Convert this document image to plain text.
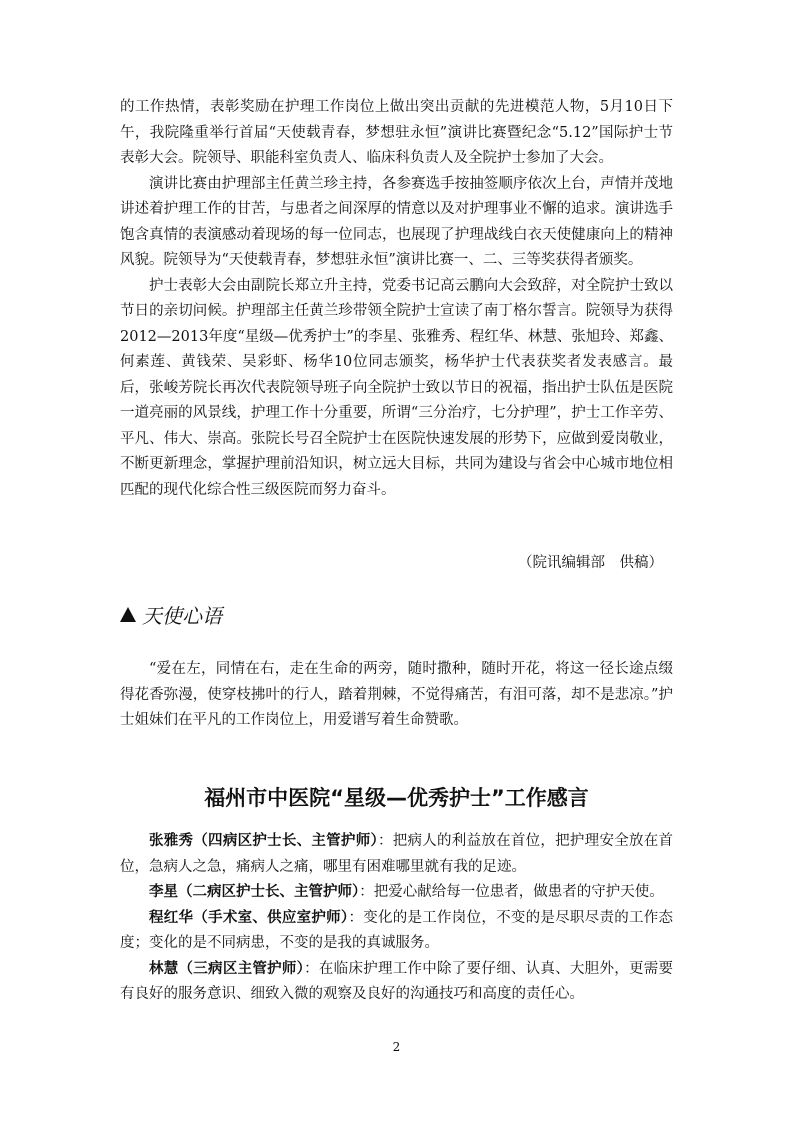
的工作热情，表彰奖励在护理工作岗位上做出突出贡献的先进模范人物，5月10日下午，我院隆重举行首届“天使载青春，梦想驻永恒”演讲比赛暨纪念“5.12”国际护士节表彰大会。院领导、职能科室负责人、临床科负责人及全院护士参加了大会。

演讲比赛由护理部主任黄兰珍主持，各参赛选手按抽签顺序依次上台，声情并茂地讲述着护理工作的甘苦，与患者之间深厚的情意以及对护理事业不懈的追求。演讲选手饱含真情的表演感动着现场的每一位同志，也展现了护理战线白衣天使健康向上的精神风貌。院领导为“天使载青春，梦想驻永恒”演讲比赛一、二、三等奖获得者颁奖。

护士表彰大会由副院长郑立升主持，党委书记高云鹏向大会致辞，对全院护士致以节日的亲切问候。护理部主任黄兰珍带领全院护士宣读了南丁格尔誓言。院领导为获得2012—2013年度“星级—优秀护士”的李星、张雅秀、程红华、林慧、张旭玲、郑鑫、何素莲、黄钱荣、吴彩虾、杨华10位同志颁奖，杨华护士代表获奖者发表感言。最后，张峻芳院长再次代表院领导班子向全院护士致以节日的祝福，指出护士队伍是医院一道亮丽的风景线，护理工作十分重要，所谓“三分治疗，七分护理”，护士工作辛劳、平凡、伟大、崇高。张院长号召全院护士在医院快速发展的形势下，应做到爱岗敬业，不断更新理念，掌握护理前沿知识，树立远大目标，共同为建设与省会中心城市地位相匹配的现代化综合性三级医院而努力奋斗。

（院讯编辑部　供稿）
天使心语

“爱在左，同情在右，走在生命的两旁，随时撒种，随时开花，将这一径长途点缀得花香弥漫，使穿枝拂叶的行人，踏着荆棘，不觉得痛苦，有泪可落，却不是悲凉。”护士姐妹们在平凡的工作岗位上，用爱谱写着生命赞歌。

福州市中医院“星级—优秀护士”工作感言

张雅秀（四病区护士长、主管护师）：把病人的利益放在首位，把护理安全放在首位，急病人之急，痛病人之痛，哪里有困难哪里就有我的足迹。

李星（二病区护士长、主管护师）：把爱心献给每一位患者，做患者的守护天使。

程红华（手术室、供应室护师）：变化的是工作岗位，不变的是尽职尽责的工作态度；变化的是不同病患，不变的是我的真诚服务。

林慧（三病区主管护师）：在临床护理工作中除了要仔细、认真、大胆外，更需要有良好的服务意识、细致入微的观察及良好的沟通技巧和高度的责任心。

2
